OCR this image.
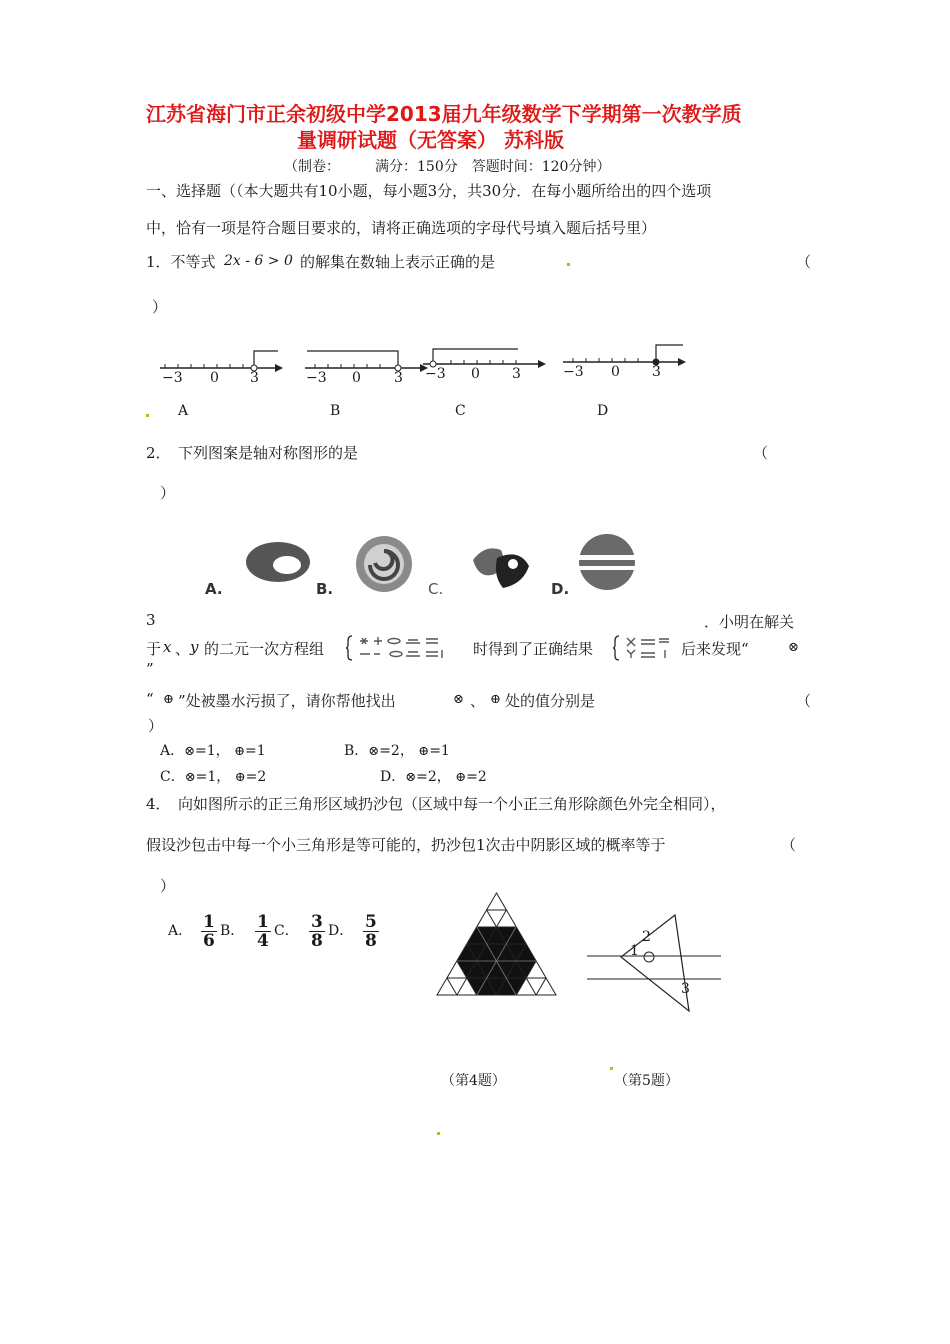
江苏省海门市正余初级中学2013届九年级数学下学期第一次教学质
量调研试题（无答案） 苏科版
（制卷：　　　满分：150分　答题时间：120分钟）
一、选择题（（本大题共有10小题，每小题3分，共30分．在每小题所给出的四个选项
中，恰有一项是符合题目要求的，请将正确选项的字母代号填入题后括号里）
1．不等式 2x - 6 > 0 的解集在数轴上表示正确的是	（
）
−3 0 3	−3 0 3 −3 0 3	−3 0 3
A	B	C	D
2．　下列图案是轴对称图形的是	（
）
A.	B.	C.	D.
3	．小明在解关
于 x 、 y 的二元一次方程组	时得到了正确结果	后来发现“	⊗
”
“ ⊕ ”处被墨水污损了，请你帮他找出	⊗ 、 ⊕ 处的值分别是	（
）
A．⊗=1， ⊕=1	B．⊗=2， ⊕=1
C．⊗=1， ⊕=2	D．⊗=2， ⊕=2
4．　向如图所示的正三角形区域扔沙包（区域中每一个小正三角形除颜色外完全相同），
假设沙包击中每一个小三角形是等可能的，扔沙包1次击中阴影区域的概率等于	（
）
A． $\frac{1}{6}$ B． $\frac{1}{4}$ C． $\frac{3}{8}$ D． $\frac{5}{8}$	2
1
3
（第4题）	（第5题）
